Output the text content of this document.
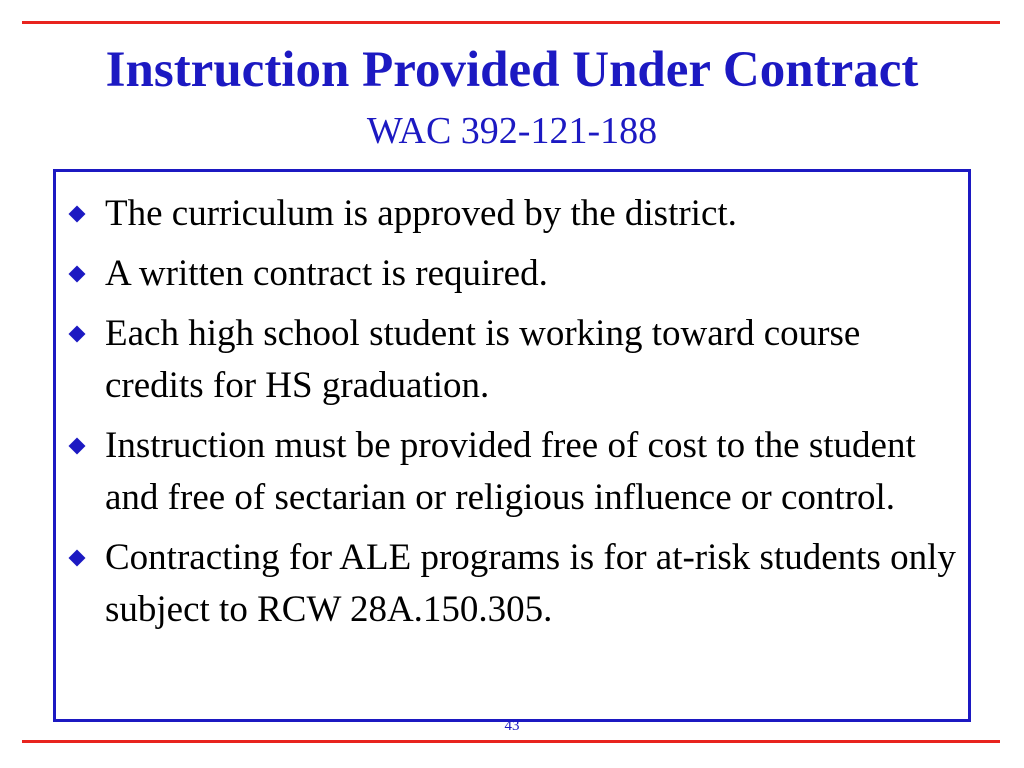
Instruction Provided Under Contract
WAC 392-121-188
The curriculum is approved by the district.
A written contract is required.
Each high school student is working toward course credits for HS graduation.
Instruction must be provided free of cost to the student and free of sectarian or religious influence or control.
Contracting for ALE programs is for at-risk students only subject to RCW 28A.150.305.
43
